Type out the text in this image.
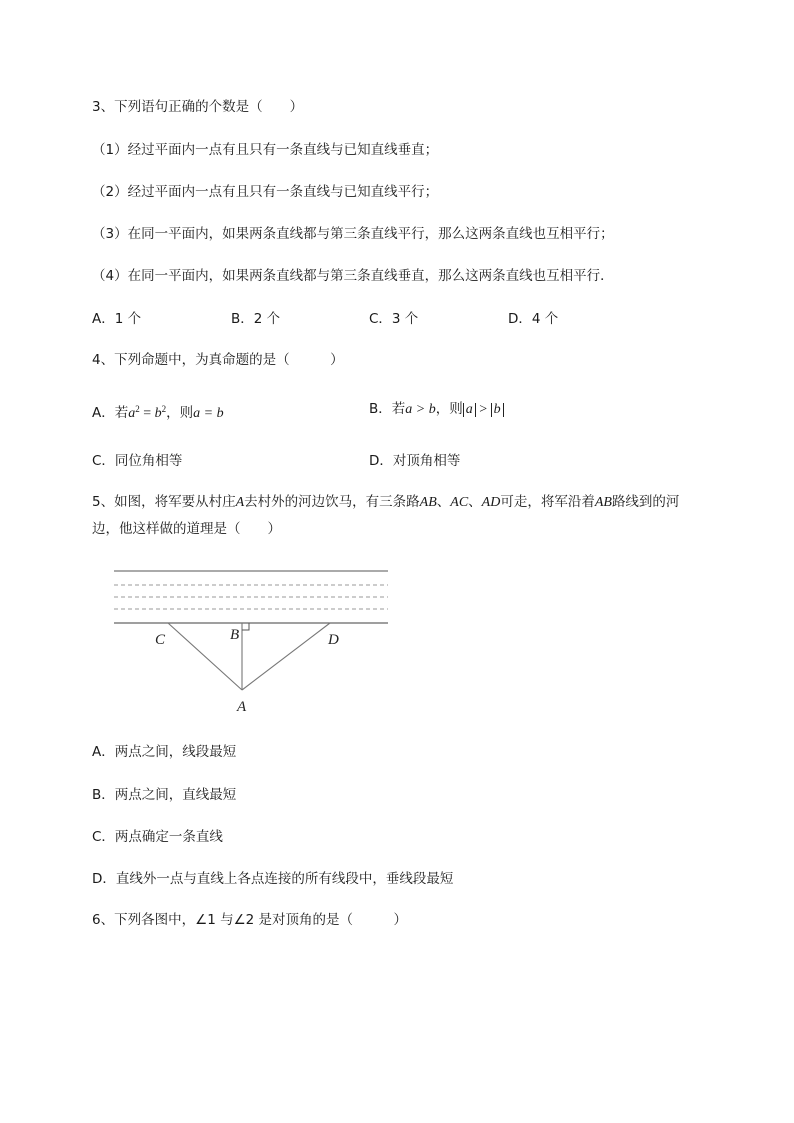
3、下列语句正确的个数是（　　）
（1）经过平面内一点有且只有一条直线与已知直线垂直；
（2）经过平面内一点有且只有一条直线与已知直线平行；
（3）在同一平面内，如果两条直线都与第三条直线平行，那么这两条直线也互相平行；
（4）在同一平面内，如果两条直线都与第三条直线垂直，那么这两条直线也互相平行．
A．1 个	B．2 个	C．3 个	D．4 个
4、下列命题中，为真命题的是（　　　）
A．若$a^2 = b^2$，则a = b	B．若a > b，则 a > b
C．同位角相等	D．对顶角相等
5、如图，将军要从村庄A去村外的河边饮马，有三条路AB、AC、AD可走，将军沿着AB路线到的河
边，他这样做的道理是（　　）
C	B	D
A
A．两点之间，线段最短
B．两点之间，直线最短
C．两点确定一条直线
D．直线外一点与直线上各点连接的所有线段中，垂线段最短
6、下列各图中，∠1 与∠2 是对顶角的是（　　　）
